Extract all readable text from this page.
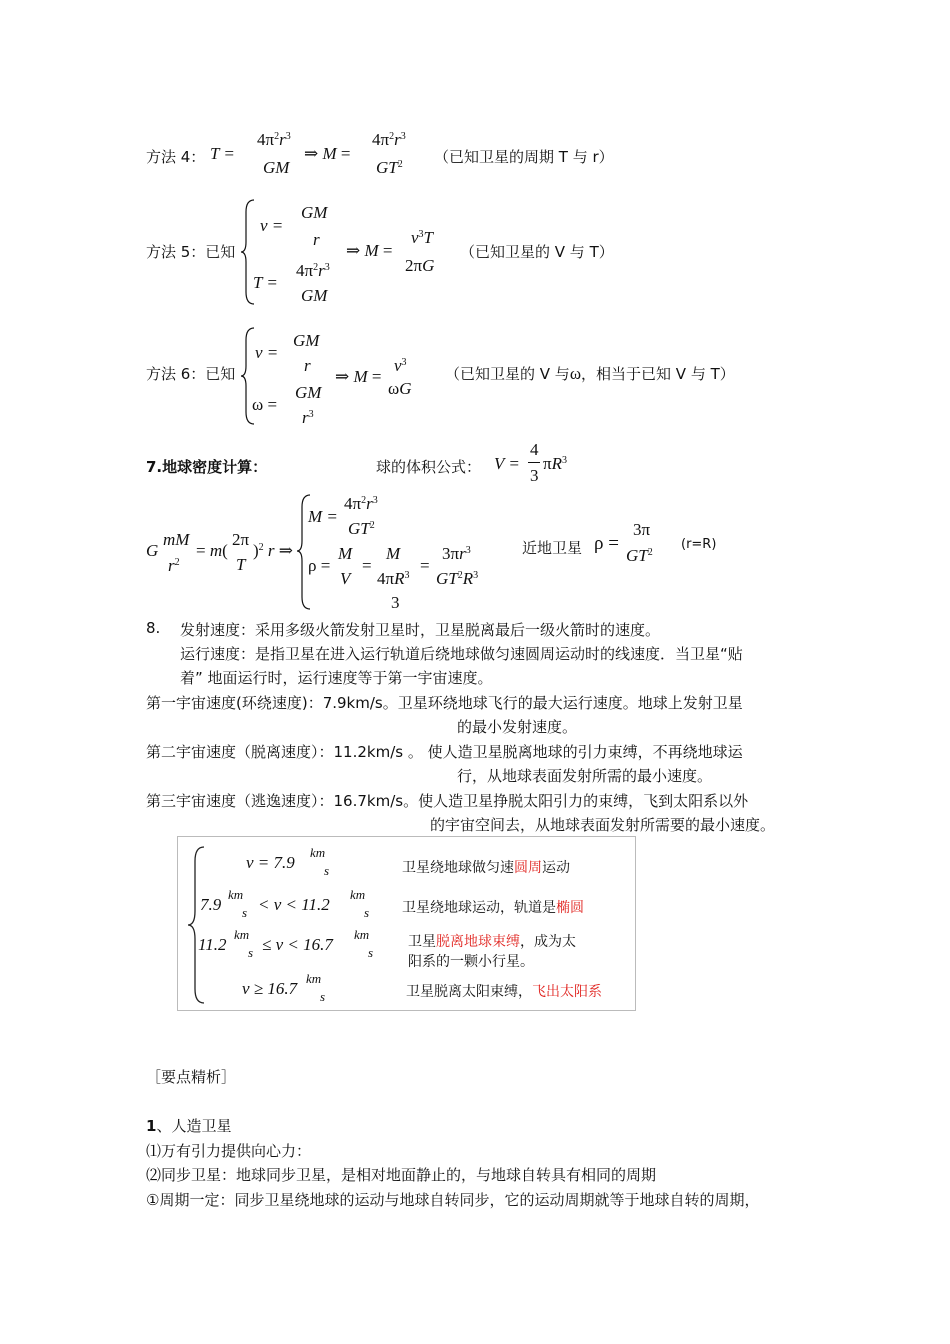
方法 4： T =
$4\pi^2r^3$
GM
⇒ M =
$4\pi^2r^3$
$GT^2$ （已知卫星的周期 T 与 r）
方法 5：已知
v =
GM
r
T =
$4\pi^2r^3$
GM
⇒ M =
$v^3T$
2πG
（已知卫星的 V 与 T）
方法 6：已知
v =
GM
r
ω =
GM
$r^3$
⇒ M =
$v^3$
ωG
（已知卫星的 V 与ω，相当于已知 V 与 T）
7.地球密度计算：	球的体积公式： V =
4
3
$\pi R^3$
G
mM
$r^2$
= m(
2π
T
)$^2$ r ⇒
M =
$4\pi^2r^3$
$GT^2$
ρ =
M
V
=
M
$4\pi R^3$
3
=
$3\pi r^3$
$GT^2R^3$
近地卫星 ρ =
3π
$GT^2$
(r=R)
8. 发射速度：采用多级火箭发射卫星时，卫星脱离最后一级火箭时的速度。
运行速度：是指卫星在进入运行轨道后绕地球做匀速圆周运动时的线速度．当卫星“贴
着” 地面运行时，运行速度等于第一宇宙速度。
第一宇宙速度(环绕速度)：7.9km/s。卫星环绕地球飞行的最大运行速度。地球上发射卫星
的最小发射速度。
第二宇宙速度（脱离速度）：11.2km/s 。 使人造卫星脱离地球的引力束缚，不再绕地球运
行，从地球表面发射所需的最小速度。
第三宇宙速度（逃逸速度）：16.7km/s。使人造卫星挣脱太阳引力的束缚，飞到太阳系以外
的宇宙空间去，从地球表面发射所需要的最小速度。
v = 7.9
km
s	卫星绕地球做匀速圆周运动
7.9
km
s < v < 11.2
km
s 卫星绕地球运动，轨道是椭圆
11.2
km
s ≤ v < 16.7
km
s
卫星脱离地球束缚，成为太
阳系的一颗小行星。
v ≥ 16.7
km
s	卫星脱离太阳束缚，飞出太阳系
［要点精析］
1、人造卫星
⑴万有引力提供向心力：
⑵同步卫星：地球同步卫星，是相对地面静止的，与地球自转具有相同的周期
①周期一定：同步卫星绕地球的运动与地球自转同步，它的运动周期就等于地球自转的周期，
